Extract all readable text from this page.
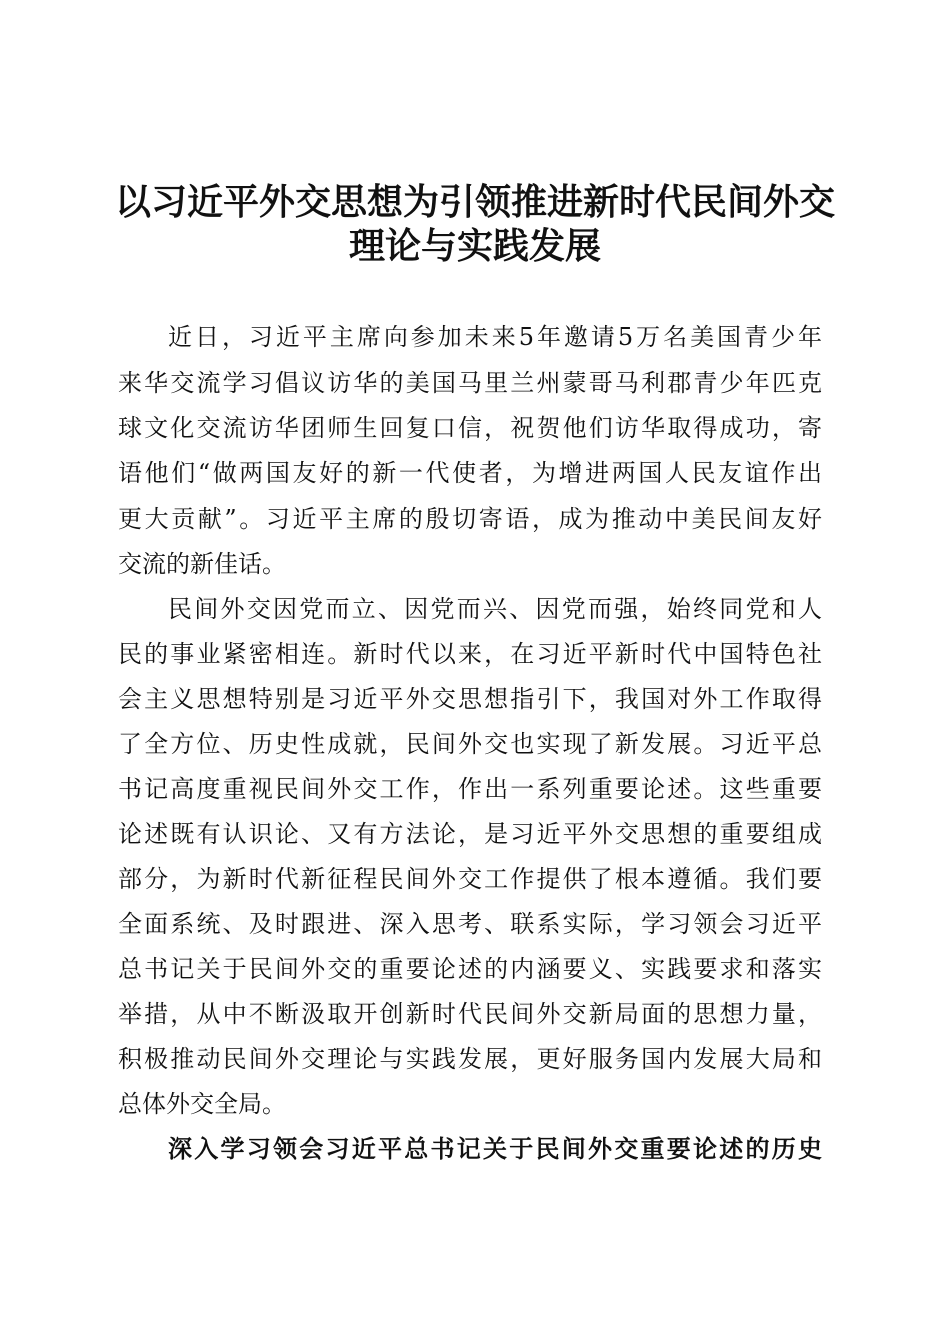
以习近平外交思想为引领推进新时代民间外交
理论与实践发展
近日，习近平主席向参加未来5年邀请5万名美国青少年
来华交流学习倡议访华的美国马里兰州蒙哥马利郡青少年匹克
球文化交流访华团师生回复口信，祝贺他们访华取得成功，寄
语他们“做两国友好的新一代使者，为增进两国人民友谊作出
更大贡献”。习近平主席的殷切寄语，成为推动中美民间友好
交流的新佳话。
民间外交因党而立、因党而兴、因党而强，始终同党和人
民的事业紧密相连。新时代以来，在习近平新时代中国特色社
会主义思想特别是习近平外交思想指引下，我国对外工作取得
了全方位、历史性成就，民间外交也实现了新发展。习近平总
书记高度重视民间外交工作，作出一系列重要论述。这些重要
论述既有认识论、又有方法论，是习近平外交思想的重要组成
部分，为新时代新征程民间外交工作提供了根本遵循。我们要
全面系统、及时跟进、深入思考、联系实际，学习领会习近平
总书记关于民间外交的重要论述的内涵要义、实践要求和落实
举措，从中不断汲取开创新时代民间外交新局面的思想力量，
积极推动民间外交理论与实践发展，更好服务国内发展大局和
总体外交全局。
深入学习领会习近平总书记关于民间外交重要论述的历史
